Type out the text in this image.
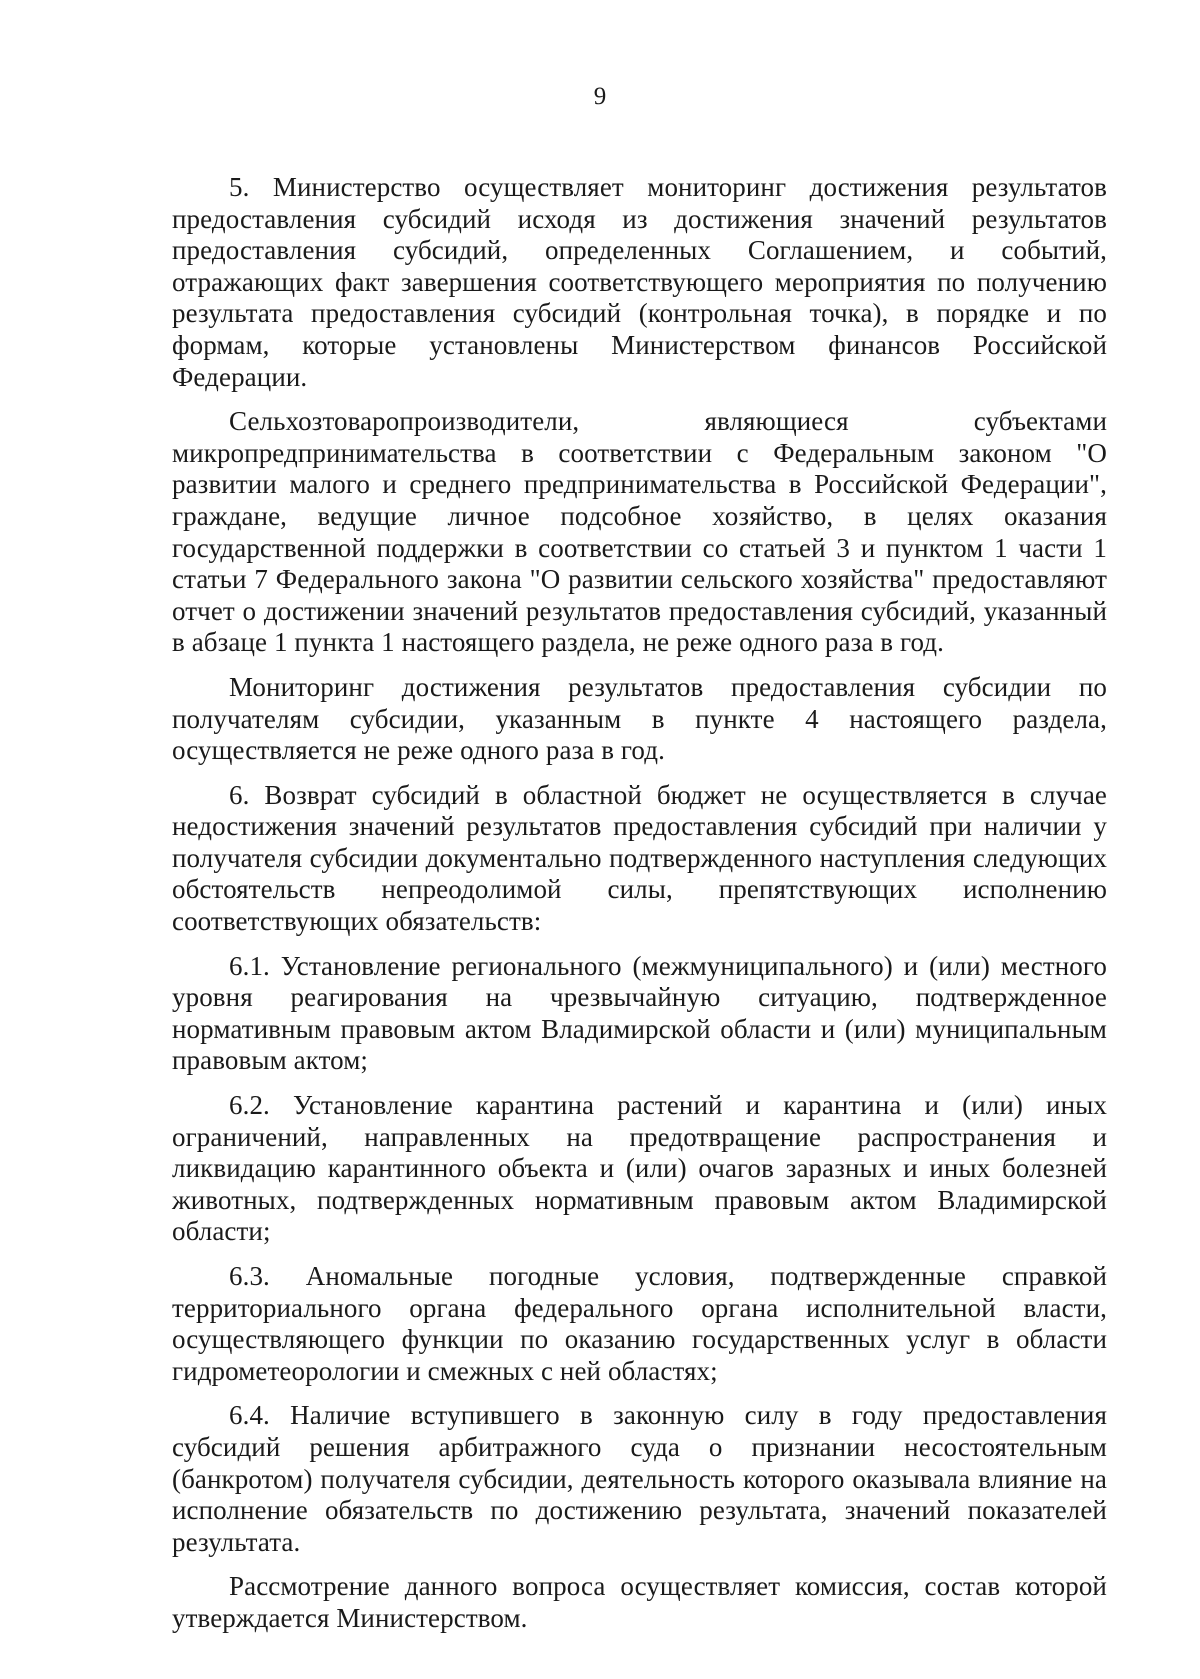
9

5. Министерство осуществляет мониторинг достижения результатов предоставления субсидий исходя из достижения значений результатов предоставления субсидий, определенных Соглашением, и событий, отражающих факт завершения соответствующего мероприятия по получению результата предоставления субсидий (контрольная точка), в порядке и по формам, которые установлены Министерством финансов Российской Федерации.

Сельхозтоваропроизводители, являющиеся субъектами микропредпринимательства в соответствии с Федеральным законом "О развитии малого и среднего предпринимательства в Российской Федерации", граждане, ведущие личное подсобное хозяйство, в целях оказания государственной поддержки в соответствии со статьей 3 и пунктом 1 части 1 статьи 7 Федерального закона "О развитии сельского хозяйства" предоставляют отчет о достижении значений результатов предоставления субсидий, указанный в абзаце 1 пункта 1 настоящего раздела, не реже одного раза в год.

Мониторинг достижения результатов предоставления субсидии по получателям субсидии, указанным в пункте 4 настоящего раздела, осуществляется не реже одного раза в год.

6. Возврат субсидий в областной бюджет не осуществляется в случае недостижения значений результатов предоставления субсидий при наличии у получателя субсидии документально подтвержденного наступления следующих обстоятельств непреодолимой силы, препятствующих исполнению соответствующих обязательств:

6.1. Установление регионального (межмуниципального) и (или) местного уровня реагирования на чрезвычайную ситуацию, подтвержденное нормативным правовым актом Владимирской области и (или) муниципальным правовым актом;

6.2. Установление карантина растений и карантина и (или) иных ограничений, направленных на предотвращение распространения и ликвидацию карантинного объекта и (или) очагов заразных и иных болезней животных, подтвержденных нормативным правовым актом Владимирской области;

6.3. Аномальные погодные условия, подтвержденные справкой территориального органа федерального органа исполнительной власти, осуществляющего функции по оказанию государственных услуг в области гидрометеорологии и смежных с ней областях;

6.4. Наличие вступившего в законную силу в году предоставления субсидий решения арбитражного суда о признании несостоятельным (банкротом) получателя субсидии, деятельность которого оказывала влияние на исполнение обязательств по достижению результата, значений показателей результата.

Рассмотрение данного вопроса осуществляет комиссия, состав которой утверждается Министерством.
